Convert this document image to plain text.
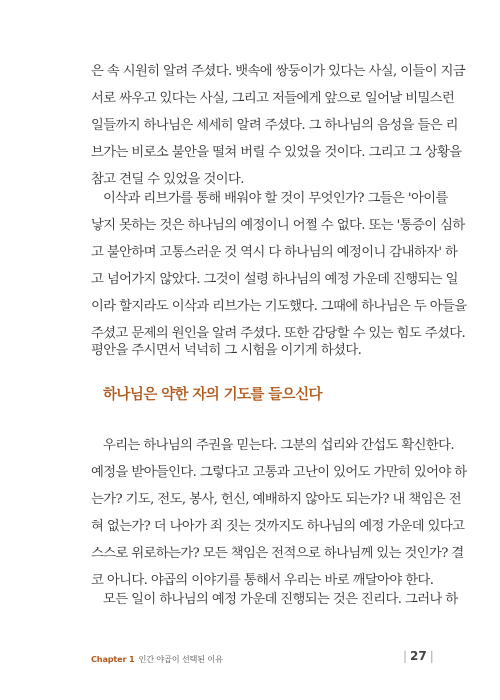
은 속 시원히 알려 주셨다. 뱃속에 쌍둥이가 있다는 사실, 이들이 지금
서로 싸우고 있다는 사실, 그리고 저들에게 앞으로 일어날 비밀스런
일들까지 하나님은 세세히 알려 주셨다. 그 하나님의 음성을 들은 리
브가는 비로소 불안을 떨쳐 버릴 수 있었을 것이다. 그리고 그 상황을
참고 견딜 수 있었을 것이다.
이삭과 리브가를 통해 배워야 할 것이 무엇인가? 그들은 '아이를
낳지 못하는 것은 하나님의 예정이니 어쩔 수 없다. 또는 '통증이 심하
고 불안하며 고통스러운 것 역시 다 하나님의 예정이니 감내하자' 하
고 넘어가지 않았다. 그것이 설령 하나님의 예정 가운데 진행되는 일
이라 할지라도 이삭과 리브가는 기도했다. 그때에 하나님은 두 아들을
주셨고 문제의 원인을 알려 주셨다. 또한 감당할 수 있는 힘도 주셨다.
평안을 주시면서 넉넉히 그 시험을 이기게 하셨다.
하나님은 약한 자의 기도를 들으신다
우리는 하나님의 주권을 믿는다. 그분의 섭리와 간섭도 확신한다.
예정을 받아들인다. 그렇다고 고통과 고난이 있어도 가만히 있어야 하
는가? 기도, 전도, 봉사, 헌신, 예배하지 않아도 되는가? 내 책임은 전
혀 없는가? 더 나아가 죄 짓는 것까지도 하나님의 예정 가운데 있다고
스스로 위로하는가? 모든 책임은 전적으로 하나님께 있는 것인가? 결
코 아니다. 야곱의 이야기를 통해서 우리는 바로 깨달아야 한다.
모든 일이 하나님의 예정 가운데 진행되는 것은 진리다. 그러나 하
Chapter 1 인간 야곱이 선택된 이유	| 27 |
